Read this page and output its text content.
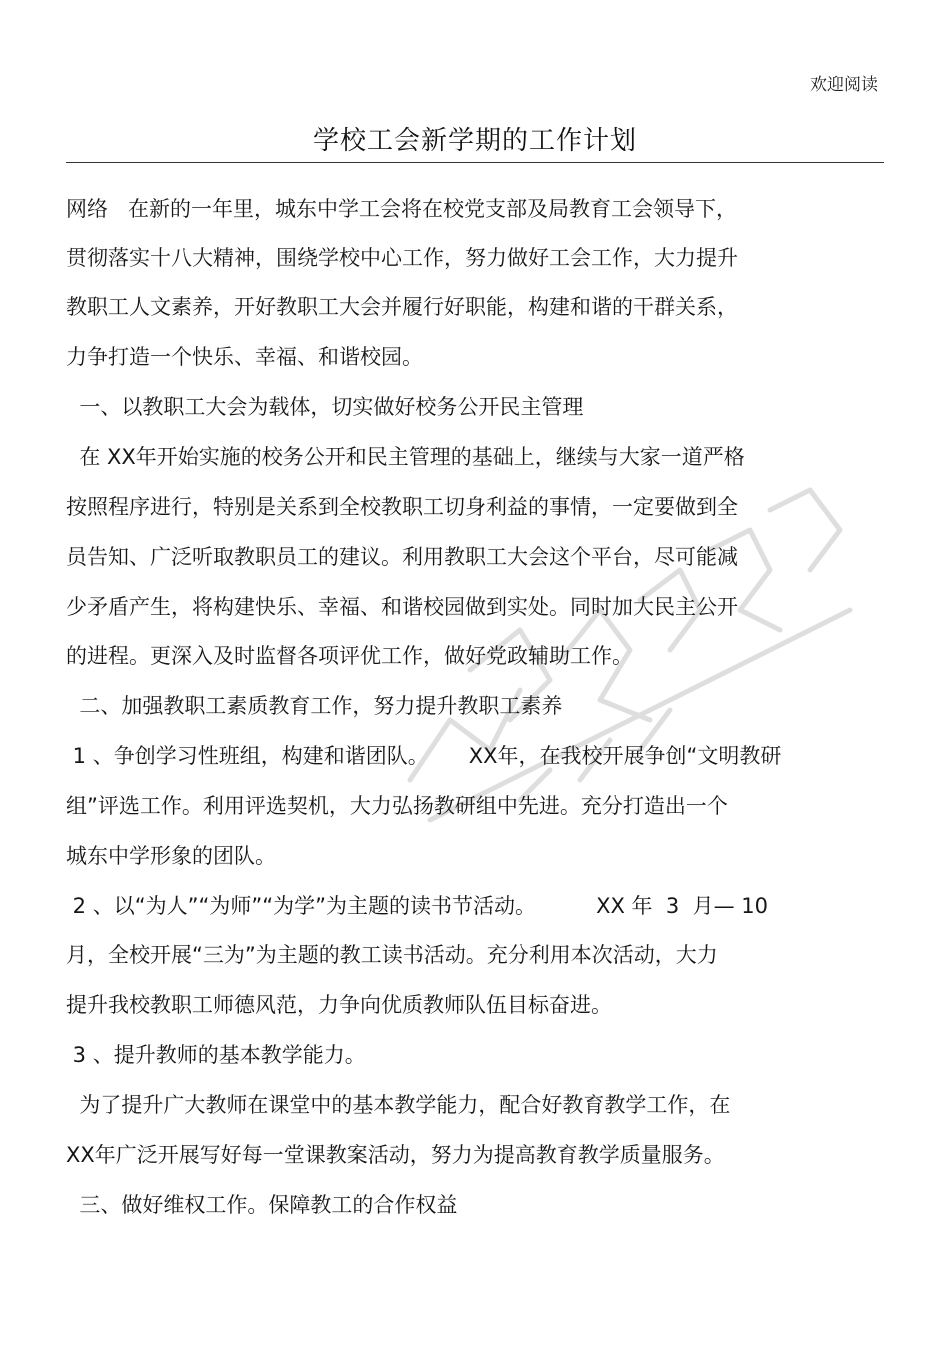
欢迎阅读
学校工会新学期的工作计划
网络   在新的一年里，城东中学工会将在校党支部及局教育工会领导下，
贯彻落实十八大精神，围绕学校中心工作，努力做好工会工作，大力提升
教职工人文素养，开好教职工大会并履行好职能，构建和谐的干群关系，
力争打造一个快乐、幸福、和谐校园。
一、以教职工大会为载体，切实做好校务公开民主管理
在 XX年开始实施的校务公开和民主管理的基础上，继续与大家一道严格
按照程序进行，特别是关系到全校教职工切身利益的事情，一定要做到全
员告知、广泛听取教职员工的建议。利用教职工大会这个平台，尽可能减
少矛盾产生，将构建快乐、幸福、和谐校园做到实处。同时加大民主公开
的进程。更深入及时监督各项评优工作，做好党政辅助工作。
二、加强教职工素质教育工作，努力提升教职工素养
1 、争创学习性班组，构建和谐团队。      XX年，在我校开展争创“文明教研
组”评选工作。利用评选契机，大力弘扬教研组中先进。充分打造出一个
城东中学形象的团队。
2 、以“为人”“为师”“为学”为主题的读书节活动。         XX 年  3  月— 10
月，全校开展“三为”为主题的教工读书活动。充分利用本次活动，大力
提升我校教职工师德风范，力争向优质教师队伍目标奋进。
3 、提升教师的基本教学能力。
为了提升广大教师在课堂中的基本教学能力，配合好教育教学工作，在
XX年广泛开展写好每一堂课教案活动，努力为提高教育教学质量服务。
三、做好维权工作。保障教工的合作权益
